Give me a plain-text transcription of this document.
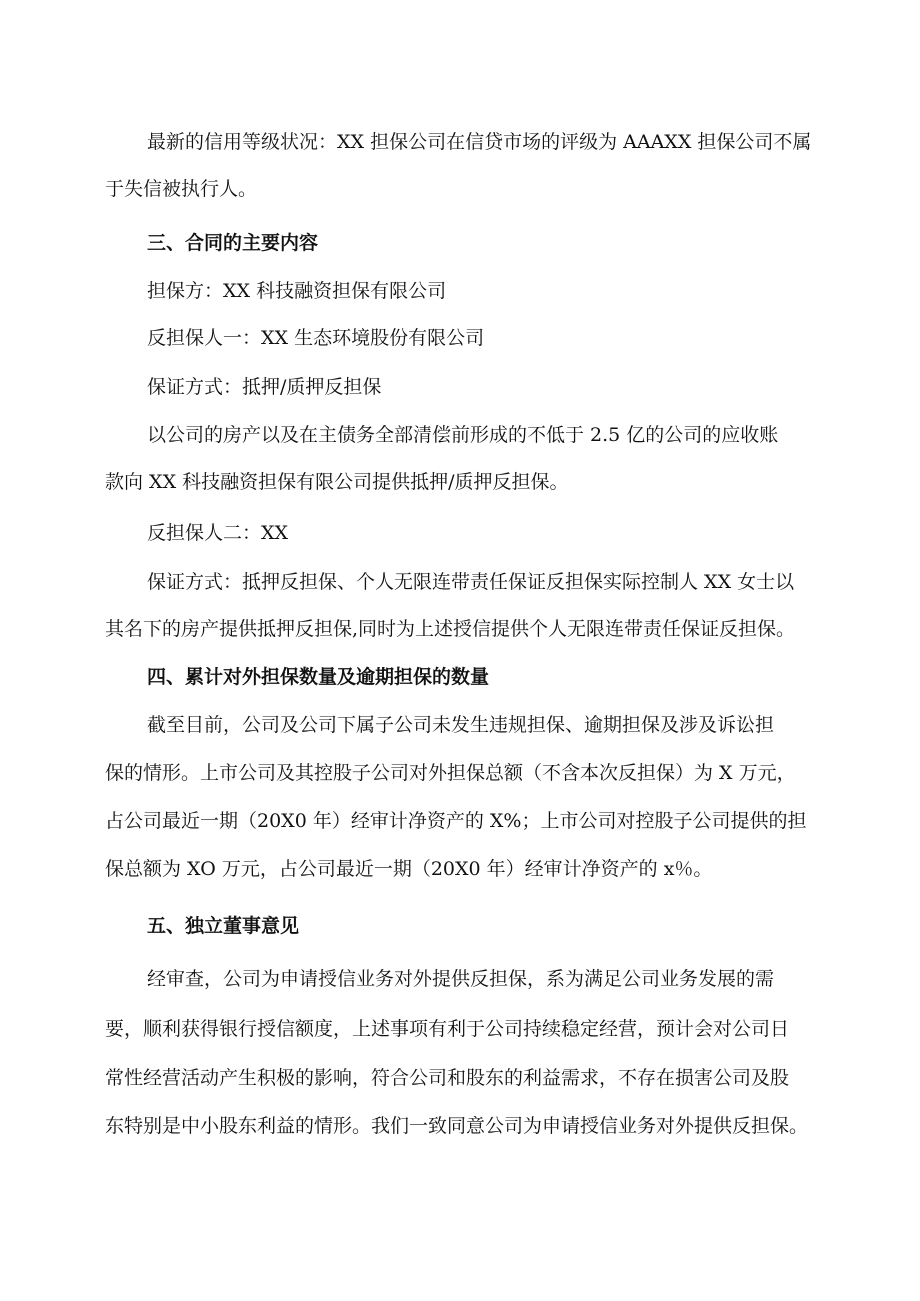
最新的信用等级状况：XX 担保公司在信贷市场的评级为 AAAXX 担保公司不属
于失信被执行人。
三、合同的主要内容
担保方：XX 科技融资担保有限公司
反担保人一：XX 生态环境股份有限公司
保证方式：抵押/质押反担保
以公司的房产以及在主债务全部清偿前形成的不低于 2.5 亿的公司的应收账
款向 XX 科技融资担保有限公司提供抵押/质押反担保。
反担保人二：XX
保证方式：抵押反担保、个人无限连带责任保证反担保实际控制人 XX 女士以
其名下的房产提供抵押反担保,同时为上述授信提供个人无限连带责任保证反担保。
四、累计对外担保数量及逾期担保的数量
截至目前，公司及公司下属子公司未发生违规担保、逾期担保及涉及诉讼担
保的情形。上市公司及其控股子公司对外担保总额（不含本次反担保）为 X 万元，
占公司最近一期（20X0 年）经审计净资产的 X%；上市公司对控股子公司提供的担
保总额为 XO 万元，占公司最近一期（20X0 年）经审计净资产的 x％。
五、独立董事意见
经审查，公司为申请授信业务对外提供反担保，系为满足公司业务发展的需
要，顺利获得银行授信额度，上述事项有利于公司持续稳定经营，预计会对公司日
常性经营活动产生积极的影响，符合公司和股东的利益需求，不存在损害公司及股
东特别是中小股东利益的情形。我们一致同意公司为申请授信业务对外提供反担保。
